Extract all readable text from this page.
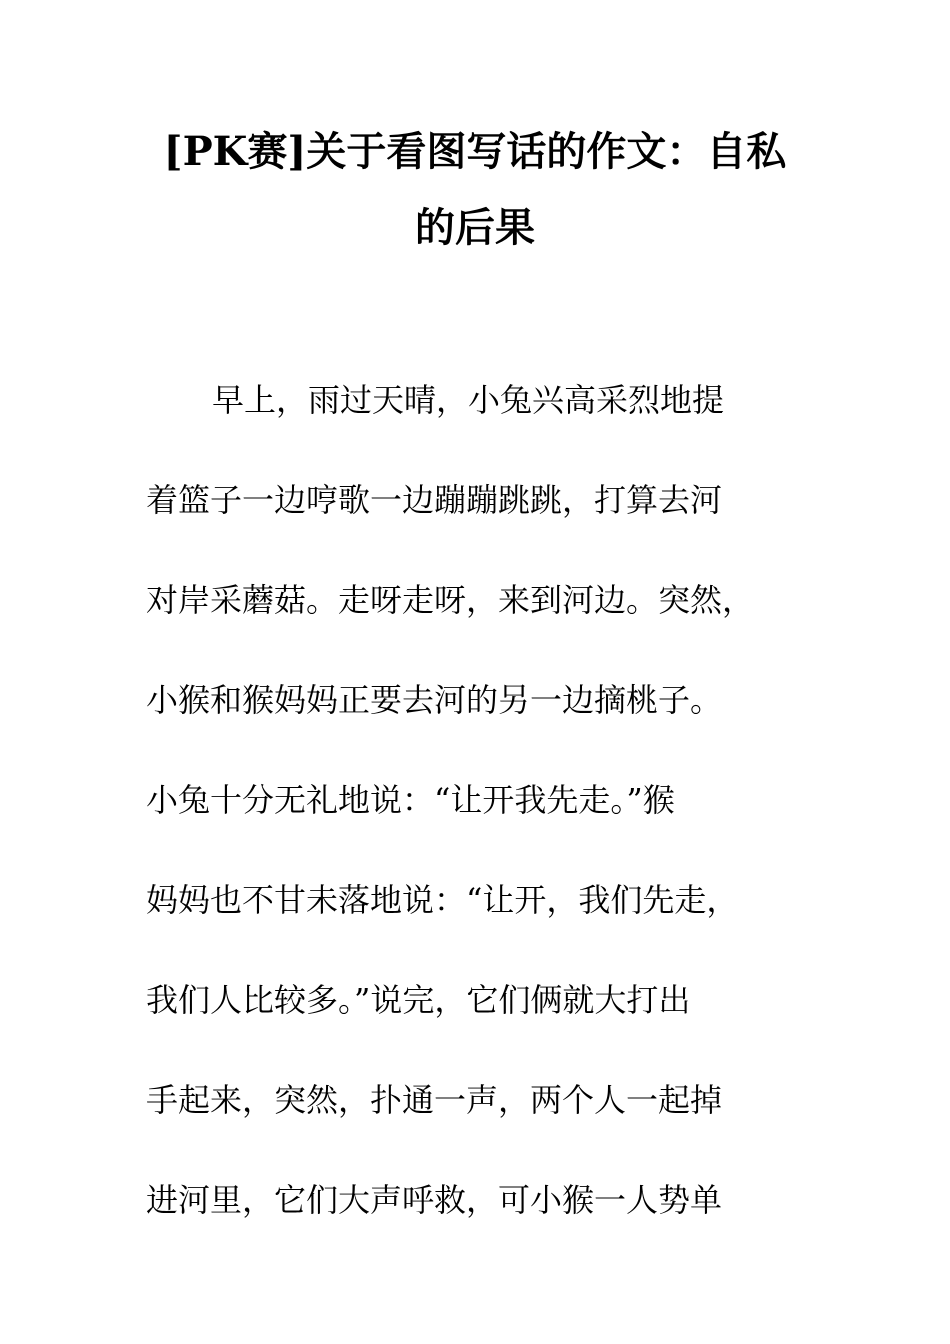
[PK赛]关于看图写话的作文：自私
的后果
早上，雨过天晴，小兔兴高采烈地提
着篮子一边哼歌一边蹦蹦跳跳，打算去河
对岸采蘑菇。走呀走呀，来到河边。突然，
小猴和猴妈妈正要去河的另一边摘桃子。
小兔十分无礼地说：“让开我先走。”猴
妈妈也不甘未落地说：“让开，我们先走，
我们人比较多。”说完，它们俩就大打出
手起来，突然，扑通一声，两个人一起掉
进河里，它们大声呼救，可小猴一人势单
